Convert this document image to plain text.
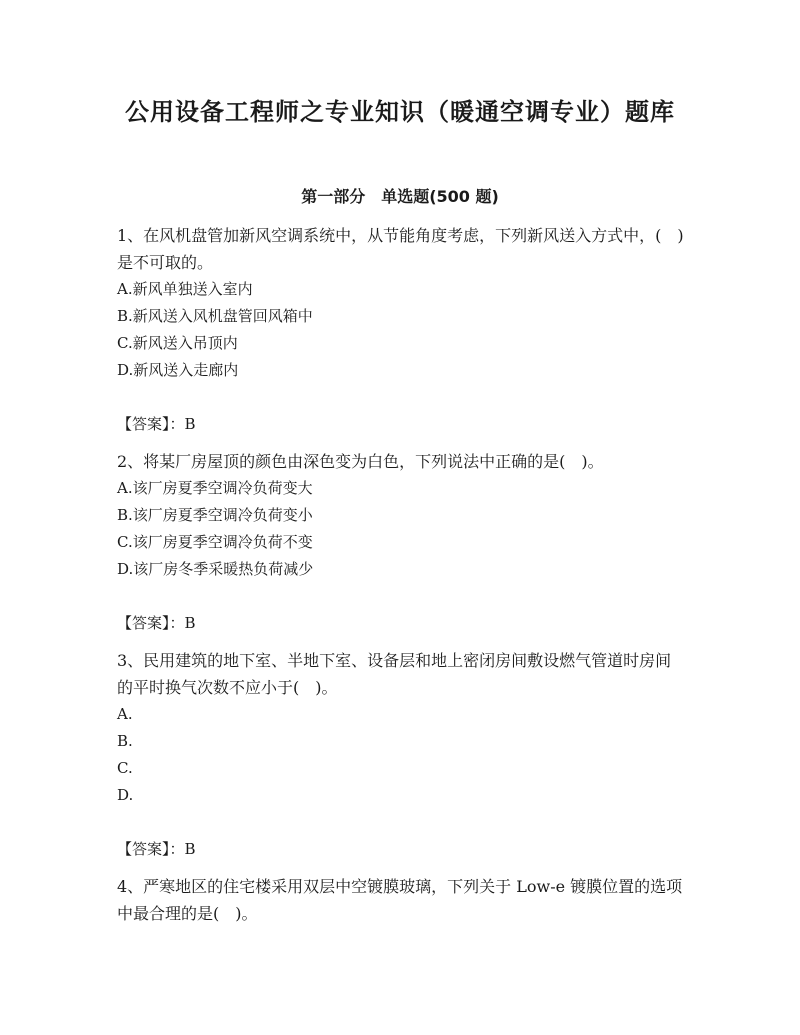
公用设备工程师之专业知识（暖通空调专业）题库
第一部分　单选题(500 题)

1、在风机盘管加新风空调系统中，从节能角度考虑，下列新风送入方式中，(　)是不可取的。

A.新风单独送入室内

B.新风送入风机盘管回风箱中

C.新风送入吊顶内

D.新风送入走廊内

【答案】：B

2、将某厂房屋顶的颜色由深色变为白色，下列说法中正确的是(　)。

A.该厂房夏季空调冷负荷变大

B.该厂房夏季空调冷负荷变小

C.该厂房夏季空调冷负荷不变

D.该厂房冬季采暖热负荷减少

【答案】：B

3、民用建筑的地下室、半地下室、设备层和地上密闭房间敷设燃气管道时房间的平时换气次数不应小于(　)。

A.

B.

C.

D.

【答案】：B

4、严寒地区的住宅楼采用双层中空镀膜玻璃，下列关于 Low-e 镀膜位置的选项中最合理的是(　)。
